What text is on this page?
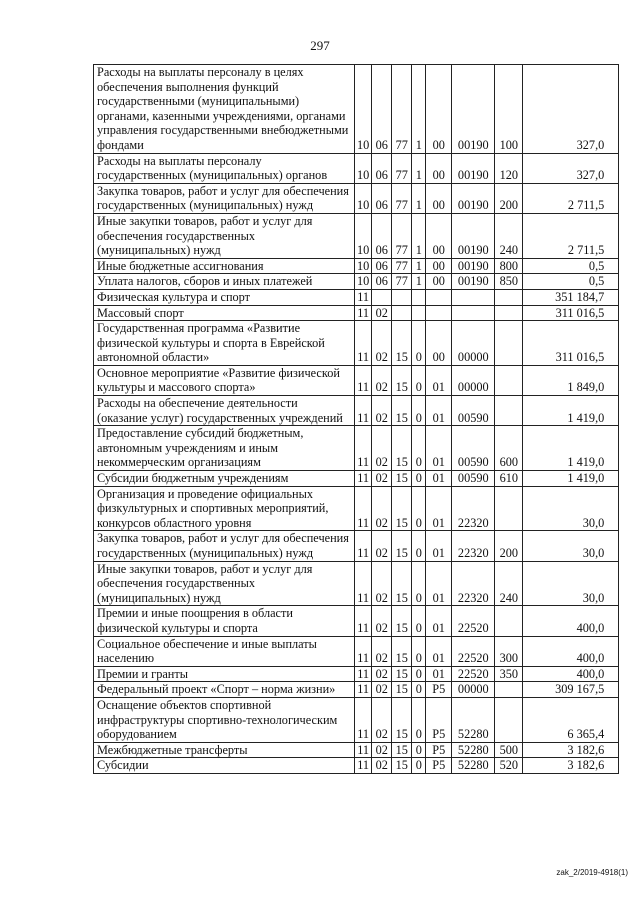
297
Расходы на выплаты персоналу в целях обеспечения выполнения функций государственными (муниципальными) органами, казенными учреждениями, органами управления государственными внебюджетными фондами	10	06	77	1	00	00190	100	327,0
Расходы на выплаты персоналу государственных (муниципальных) органов	10	06	77	1	00	00190	120	327,0
Закупка товаров, работ и услуг для обеспечения государственных (муниципальных) нужд	10	06	77	1	00	00190	200	2 711,5
Иные закупки товаров, работ и услуг для обеспечения государственных (муниципальных) нужд	10	06	77	1	00	00190	240	2 711,5
Иные бюджетные ассигнования	10	06	77	1	00	00190	800	0,5
Уплата налогов, сборов и иных платежей	10	06	77	1	00	00190	850	0,5
Физическая культура и спорт	11							351 184,7
Массовый спорт	11	02						311 016,5
Государственная программа «Развитие физической культуры и спорта в Еврейской автономной области»	11	02	15	0	00	00000		311 016,5
Основное мероприятие «Развитие физической культуры и массового спорта»	11	02	15	0	01	00000		1 849,0
Расходы на обеспечение деятельности (оказание услуг) государственных учреждений	11	02	15	0	01	00590		1 419,0
Предоставление субсидий бюджетным, автономным учреждениям и иным некоммерческим организациям	11	02	15	0	01	00590	600	1 419,0
Субсидии бюджетным учреждениям	11	02	15	0	01	00590	610	1 419,0
Организация и проведение официальных физкультурных и спортивных мероприятий, конкурсов областного уровня	11	02	15	0	01	22320		30,0
Закупка товаров, работ и услуг для обеспечения государственных (муниципальных) нужд	11	02	15	0	01	22320	200	30,0
Иные закупки товаров, работ и услуг для обеспечения государственных (муниципальных) нужд	11	02	15	0	01	22320	240	30,0
Премии и иные поощрения в области физической культуры и спорта	11	02	15	0	01	22520		400,0
Социальное обеспечение и иные выплаты населению	11	02	15	0	01	22520	300	400,0
Премии и гранты	11	02	15	0	01	22520	350	400,0
Федеральный проект «Спорт – норма жизни»	11	02	15	0	P5	00000		309 167,5
Оснащение объектов спортивной инфраструктуры спортивно-технологическим оборудованием	11	02	15	0	P5	52280		6 365,4
Межбюджетные трансферты	11	02	15	0	P5	52280	500	3 182,6
Субсидии	11	02	15	0	P5	52280	520	3 182,6
zak_2/2019-4918(1)
